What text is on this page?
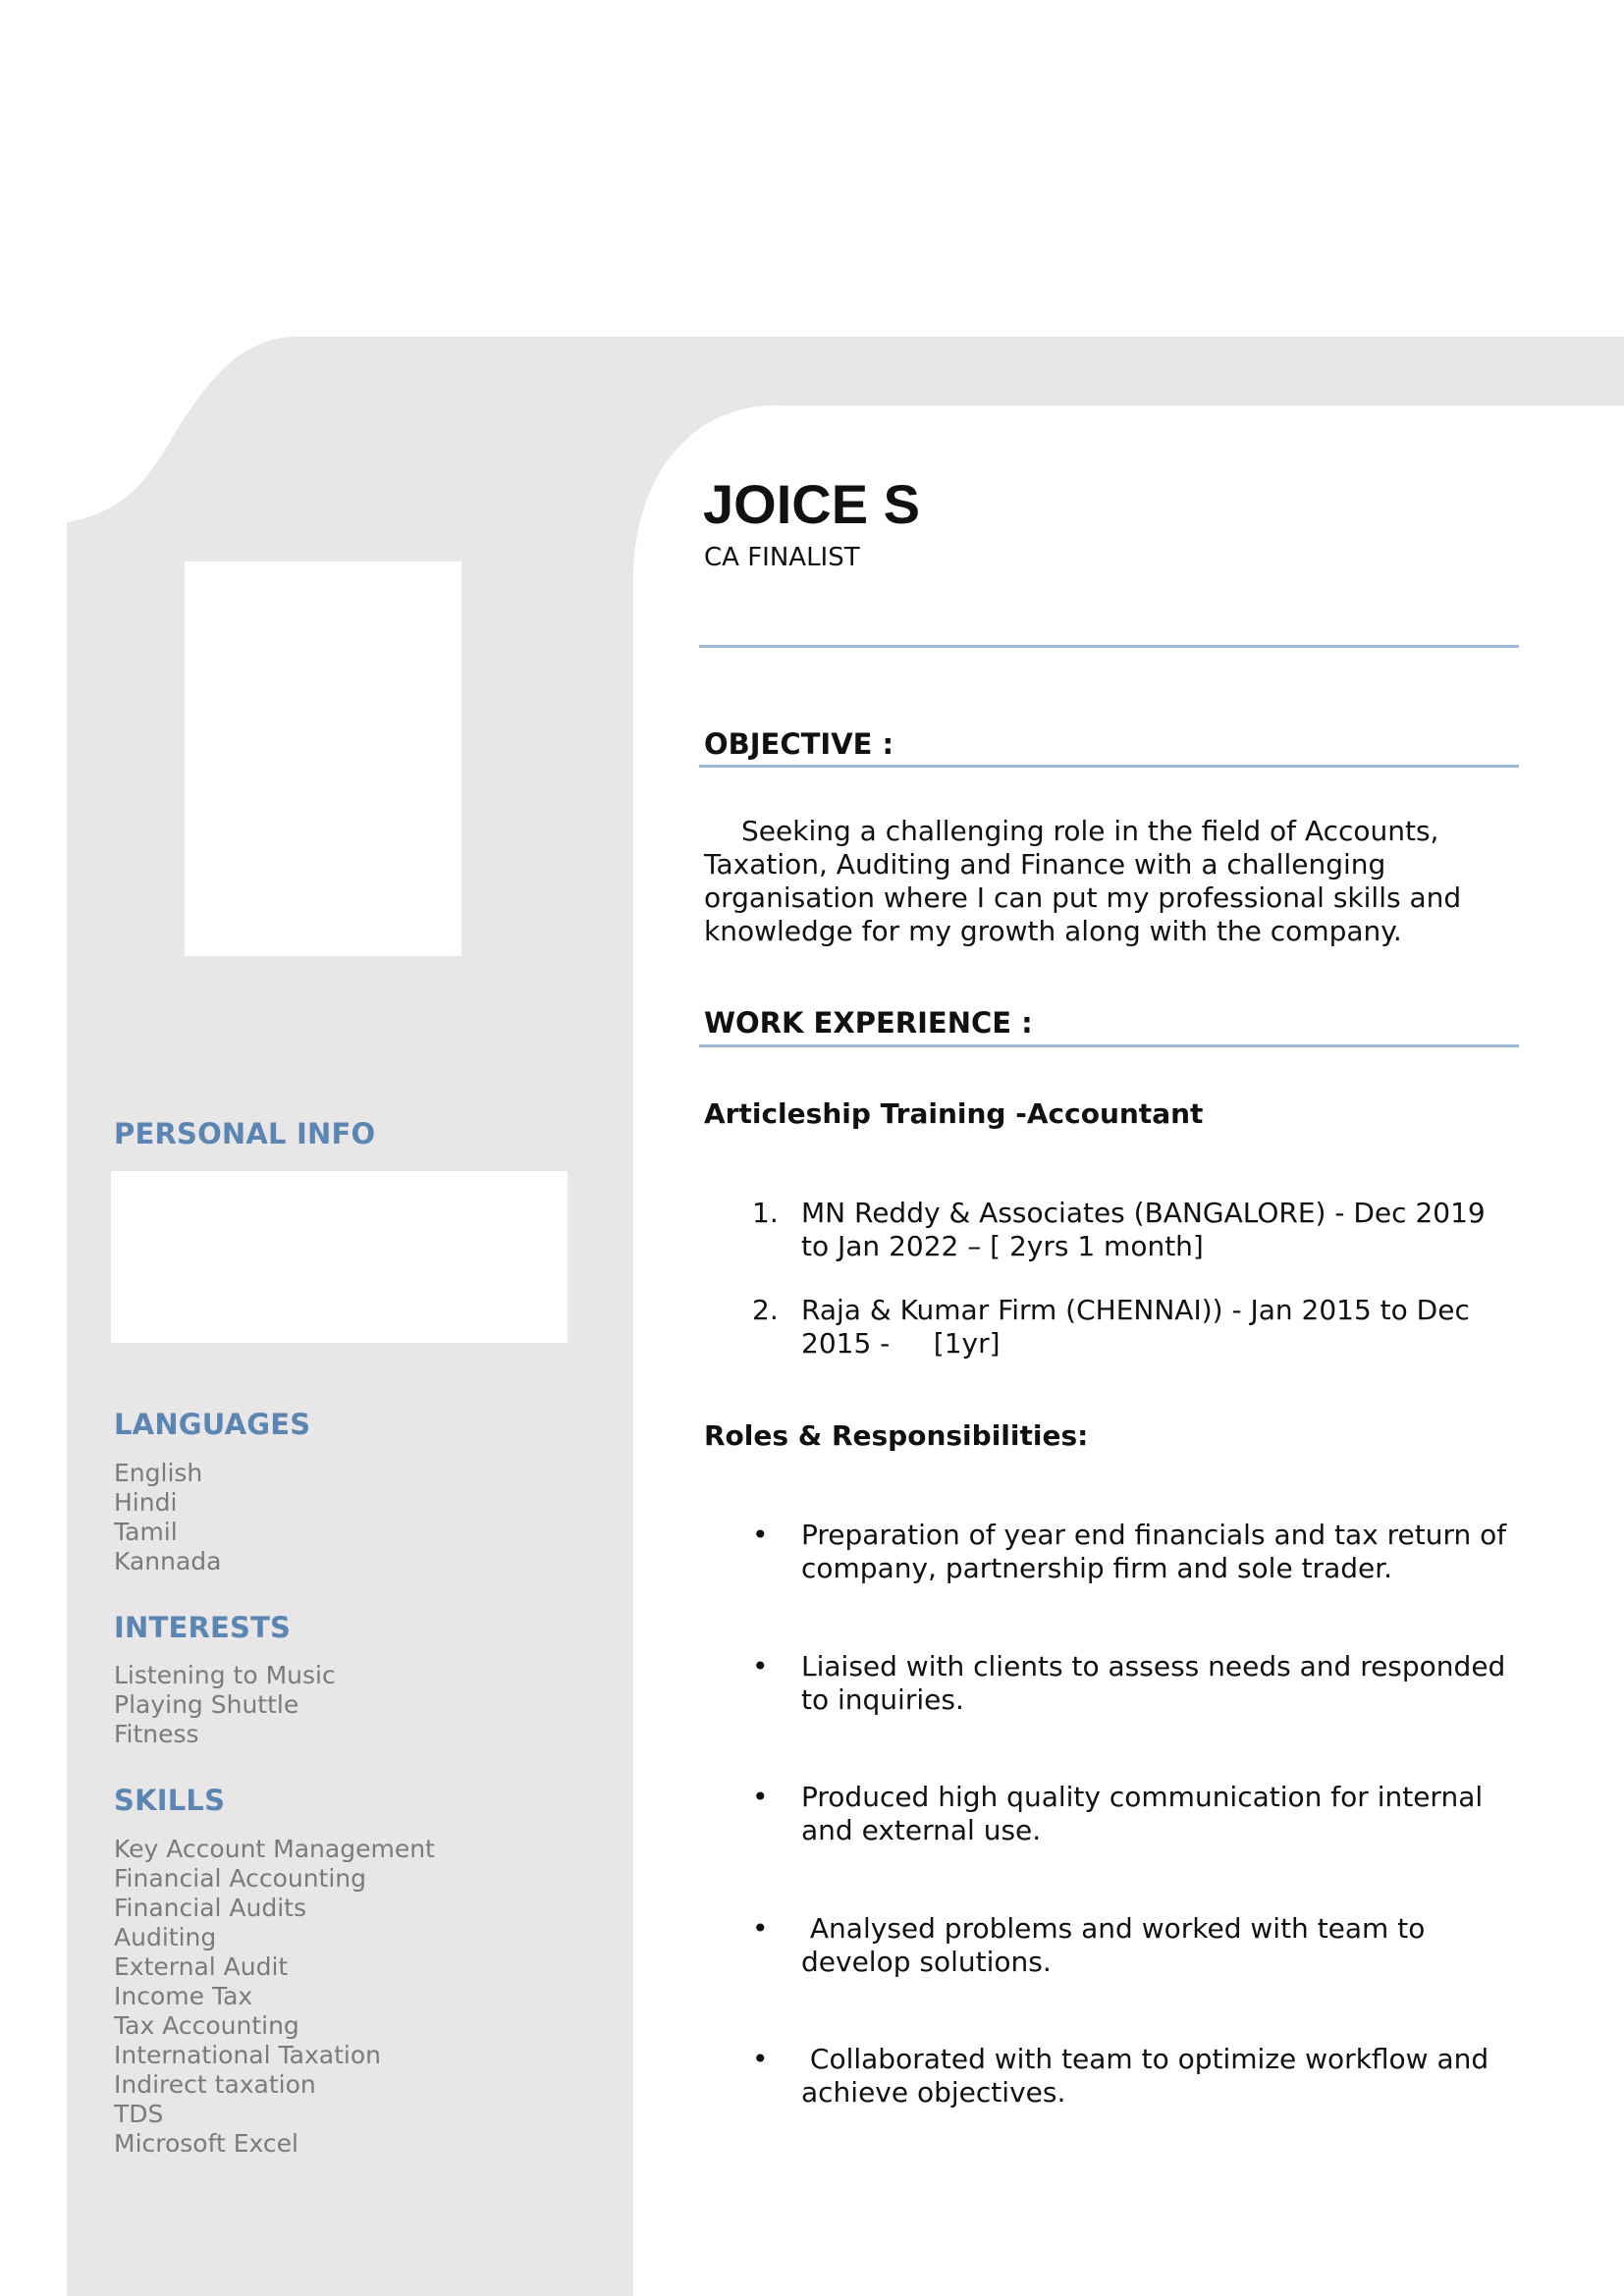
PERSONAL INFO
LANGUAGES
English
Hindi
Tamil
Kannada
INTERESTS
Listening to Music
Playing Shuttle
Fitness
SKILLS
Key Account Management
Financial Accounting
Financial Audits
Auditing
External Audit
Income Tax
Tax Accounting
International Taxation
Indirect taxation
TDS
Microsoft Excel
JOICE S

CA FINALIST

OBJECTIVE :

Seeking a challenging role in the field of Accounts, Taxation, Auditing and Finance with a challenging organisation where I can put my professional skills and knowledge for my growth along with the company.

WORK EXPERIENCE :
Articleship Training -Accountant
1. MN Reddy & Associates (BANGALORE) - Dec 2019 to Jan 2022 – [ 2yrs 1 month]
2. Raja & Kumar Firm (CHENNAI)) - Jan 2015 to Dec 2015 -     [1yr]
Roles & Responsibilities:
• Preparation of year end financials and tax return of company, partnership firm and sole trader.
• Liaised with clients to assess needs and responded to inquiries.
• Produced high quality communication for internal and external use.
• Analysed problems and worked with team to develop solutions.
• Collaborated with team to optimize workflow and achieve objectives.
